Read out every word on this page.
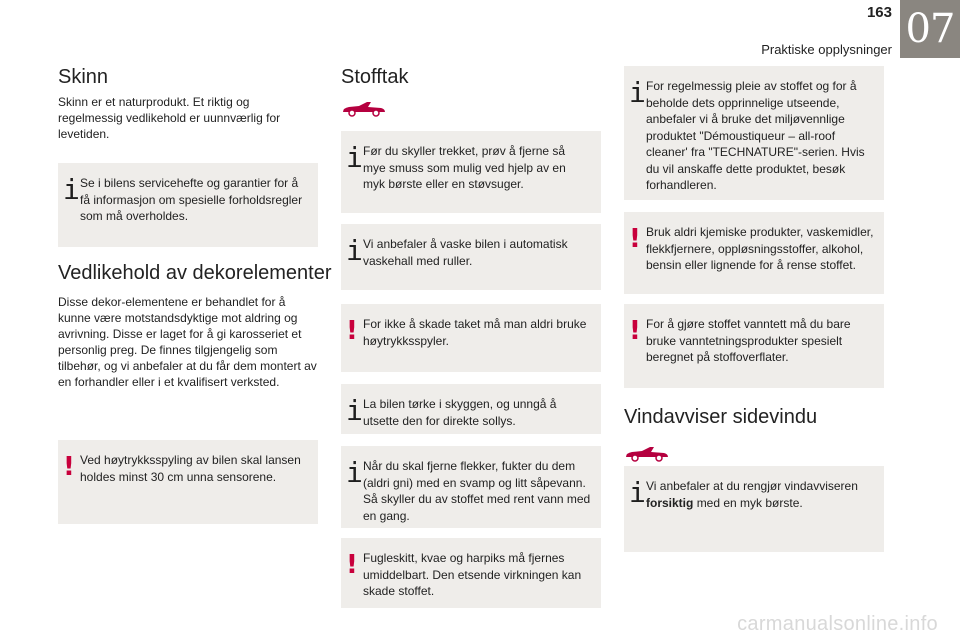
163
Praktiske opplysninger 07
Skinn
Skinn er et naturprodukt. Et riktig og regelmessig vedlikehold er uunnværlig for levetiden.
i Se i bilens servicehefte og garantier for å få informasjon om spesielle forholdsregler som må overholdes.
Vedlikehold av dekorelementer
Disse dekor-elementene er behandlet for å kunne være motstandsdyktige mot aldring og avrivning. Disse er laget for å gi karosseriet et personlig preg. De finnes tilgjengelig som tilbehør, og vi anbefaler at du får dem montert av en forhandler eller i et kvalifisert verksted.
! Ved høytrykksspyling av bilen skal lansen holdes minst 30 cm unna sensorene.
Stofftak
i Før du skyller trekket, prøv å fjerne så mye smuss som mulig ved hjelp av en myk børste eller en støvsuger.
i Vi anbefaler å vaske bilen i automatisk vaskehall med ruller.
! For ikke å skade taket må man aldri bruke høytrykksspyler.
i La bilen tørke i skyggen, og unngå å utsette den for direkte sollys.
i Når du skal fjerne flekker, fukter du dem (aldri gni) med en svamp og litt såpevann. Så skyller du av stoffet med rent vann med en gang.
! Fugleskitt, kvae og harpiks må fjernes umiddelbart. Den etsende virkningen kan skade stoffet.
i For regelmessig pleie av stoffet og for å beholde dets opprinnelige utseende, anbefaler vi å bruke det miljøvennlige produktet "Démoustiqueur – all-roof cleaner' fra "TECHNATURE"-serien. Hvis du vil anskaffe dette produktet, besøk forhandleren.
! Bruk aldri kjemiske produkter, vaskemidler, flekkfjernere, oppløsningsstoffer, alkohol, bensin eller lignende for å rense stoffet.
! For å gjøre stoffet vanntett må du bare bruke vanntetningsprodukter spesielt beregnet på stoffoverflater.
Vindavviser sidevindu
i Vi anbefaler at du rengjør vindavviseren forsiktig med en myk børste.
carmanualsonline.info
